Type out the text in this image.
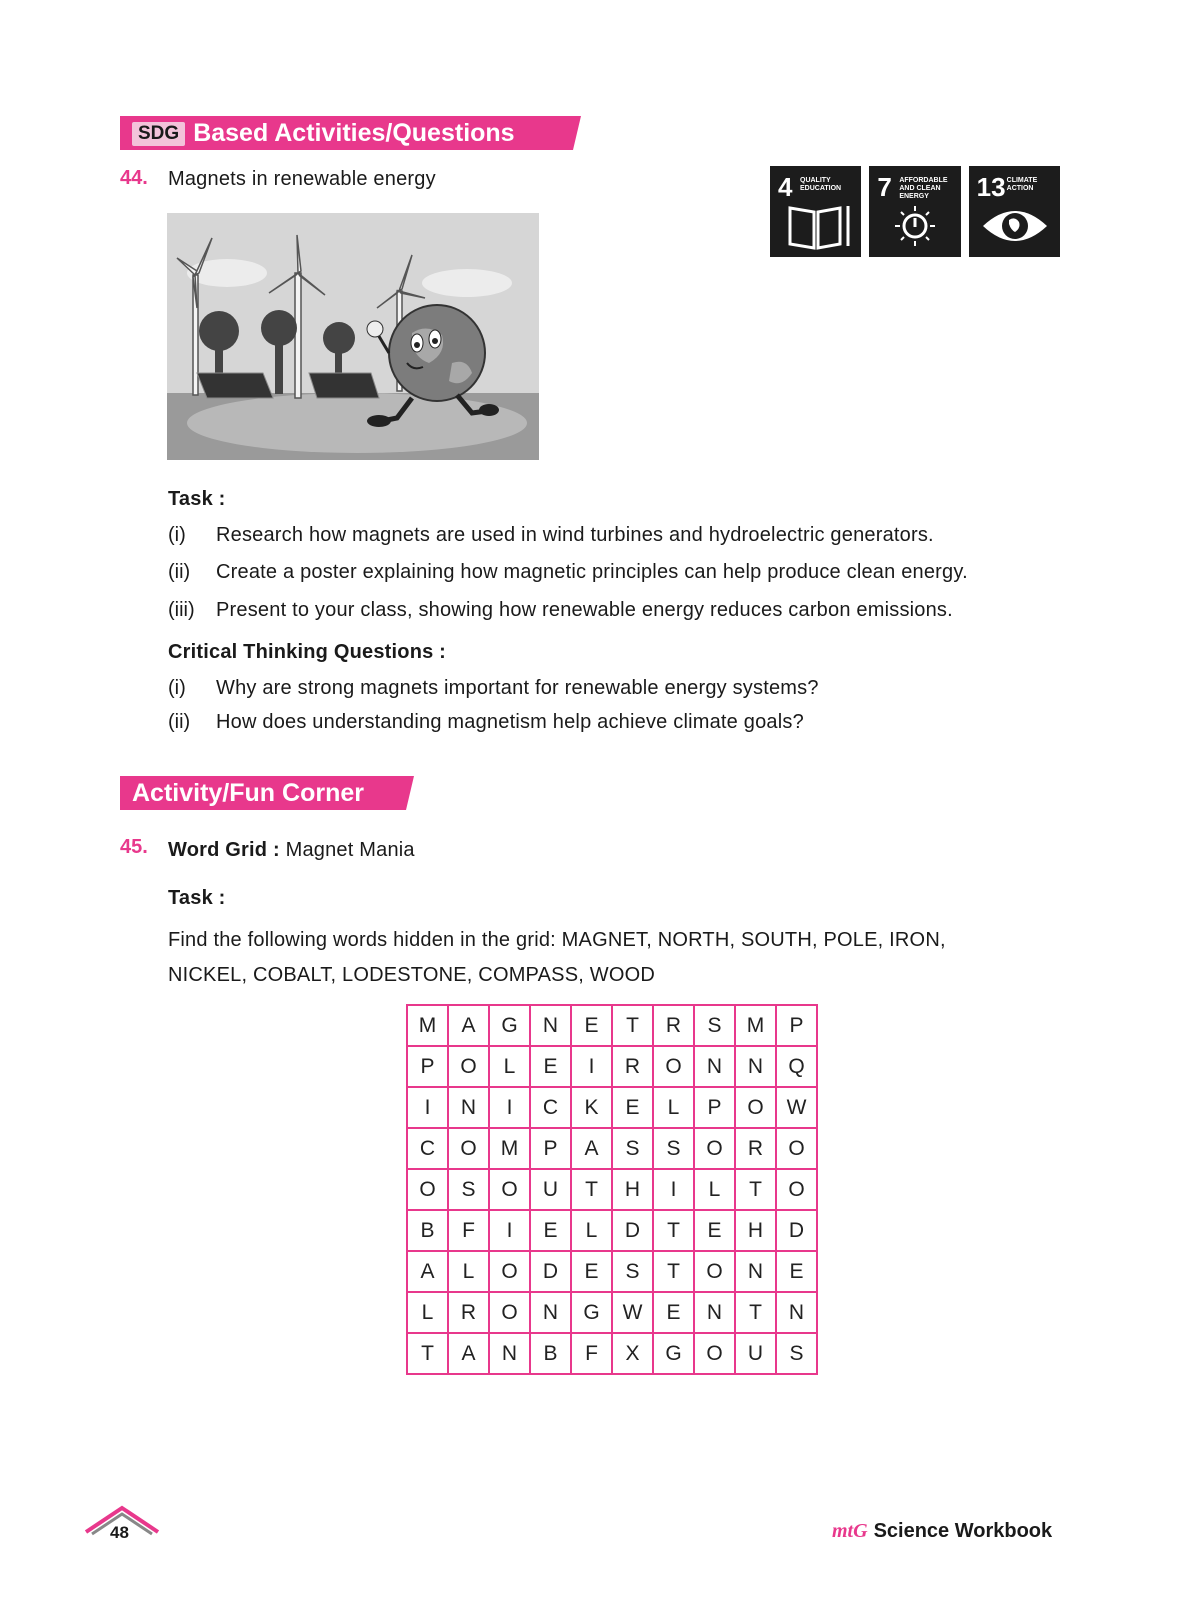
SDG Based Activities/Questions
44. Magnets in renewable energy	4 QUALITY EDUCATION	7 AFFORDABLE AND CLEAN ENERGY	13 CLIMATE ACTION
Task :
(i) Research how magnets are used in wind turbines and hydroelectric generators.
(ii) Create a poster explaining how magnetic principles can help produce clean energy.
(iii) Present to your class, showing how renewable energy reduces carbon emissions.
Critical Thinking Questions :
(i) Why are strong magnets important for renewable energy systems?
(ii) How does understanding magnetism help achieve climate goals?
Activity/Fun Corner
45. Word Grid : Magnet Mania
Task :
Find the following words hidden in the grid: MAGNET, NORTH, SOUTH, POLE, IRON,
NICKEL, COBALT, LODESTONE, COMPASS, WOOD
M	A	G	N	E	T	R	S	M	P
P	O	L	E	I	R	O	N	N	Q
I	N	I	C	K	E	L	P	O	W
C	O	M	P	A	S	S	O	R	O
O	S	O	U	T	H	I	L	T	O
B	F	I	E	L	D	T	E	H	D
A	L	O	D	E	S	T	O	N	E
L	R	O	N	G	W	E	N	T	N
T	A	N	B	F	X	G	O	U	S
48	mtG Science Workbook
